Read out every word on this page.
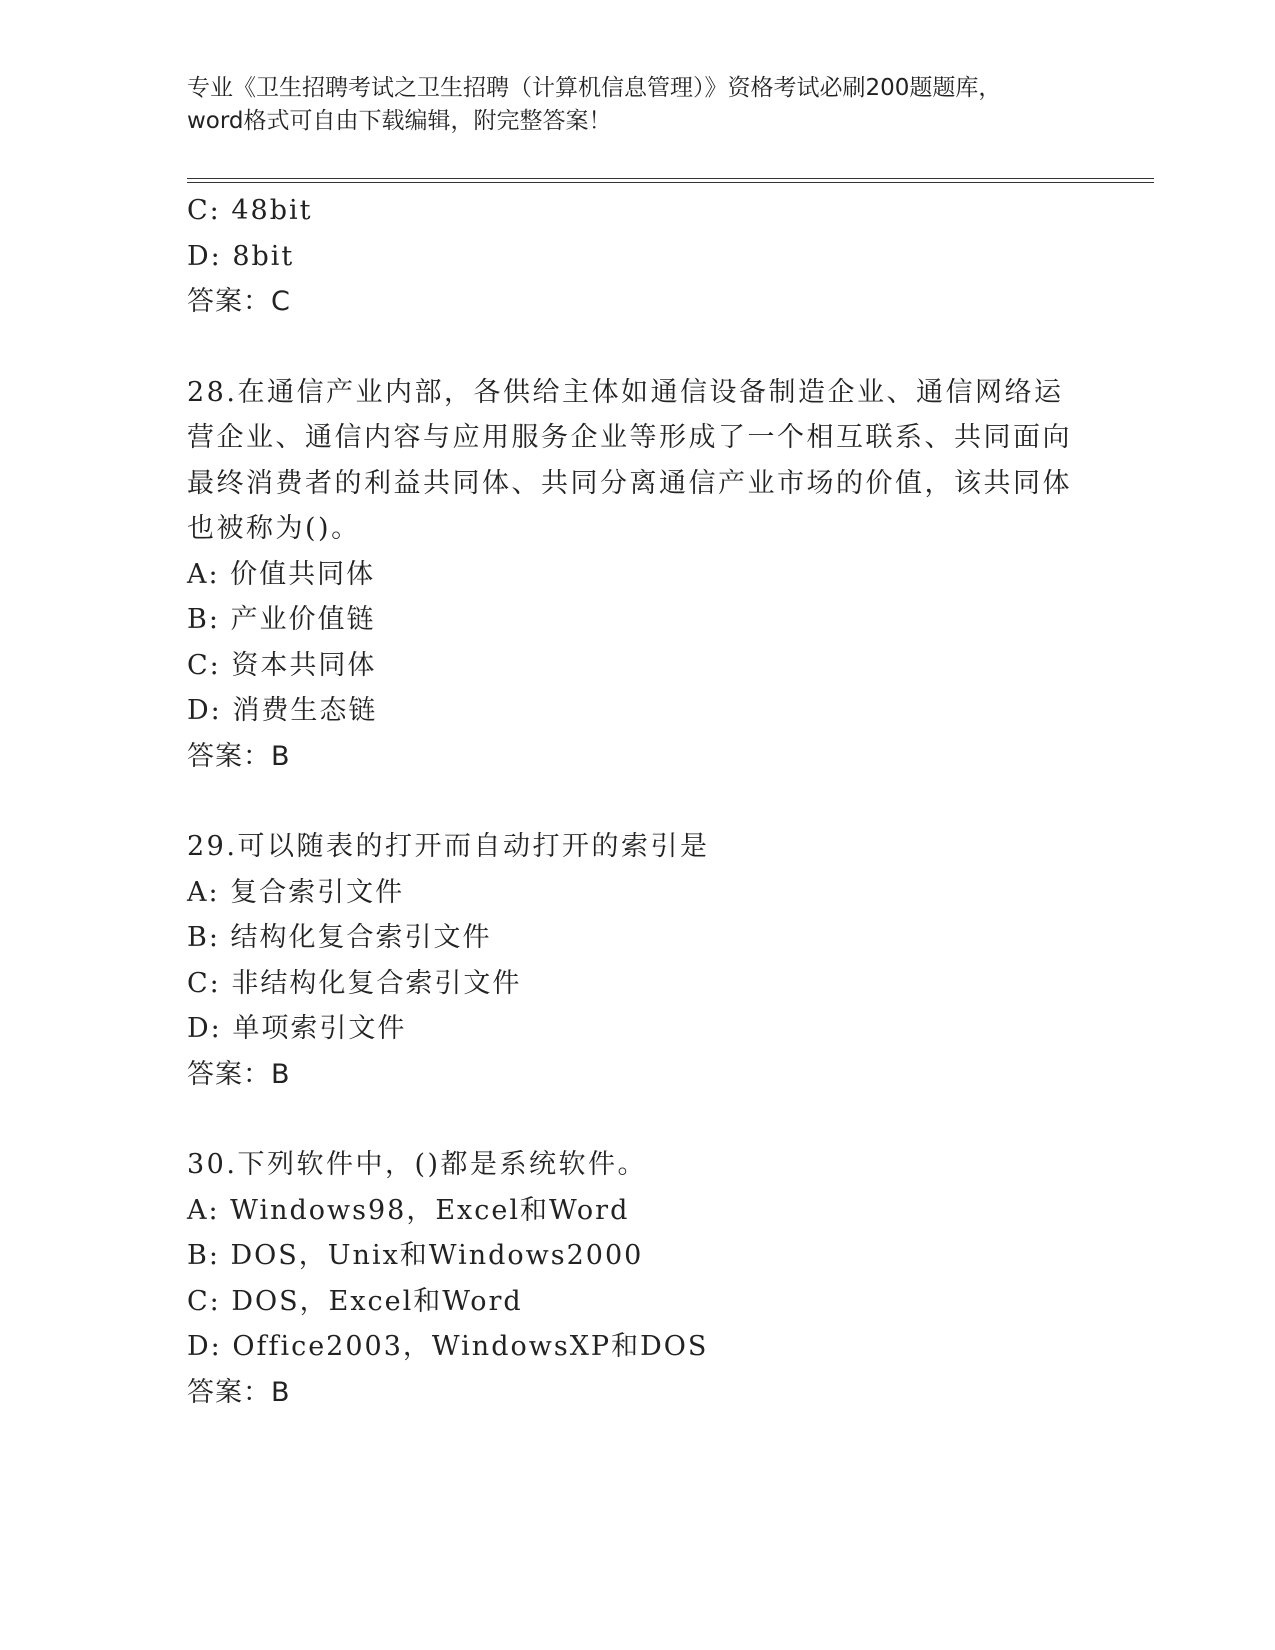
专业《卫生招聘考试之卫生招聘（计算机信息管理）》资格考试必刷200题题库，
word格式可自由下载编辑，附完整答案！
C: 48bit
D: 8bit
答案：C
28.在通信产业内部，各供给主体如通信设备制造企业、通信网络运营企业、通信内容与应用服务企业等形成了一个相互联系、共同面向最终消费者的利益共同体、共同分离通信产业市场的价值，该共同体也被称为()。
A: 价值共同体
B: 产业价值链
C: 资本共同体
D: 消费生态链
答案：B
29.可以随表的打开而自动打开的索引是
A: 复合索引文件
B: 结构化复合索引文件
C: 非结构化复合索引文件
D: 单项索引文件
答案：B
30.下列软件中，()都是系统软件。
A: Windows98，Excel和Word
B: DOS，Unix和Windows2000
C: DOS，Excel和Word
D: Office2003，WindowsXP和DOS
答案：B
